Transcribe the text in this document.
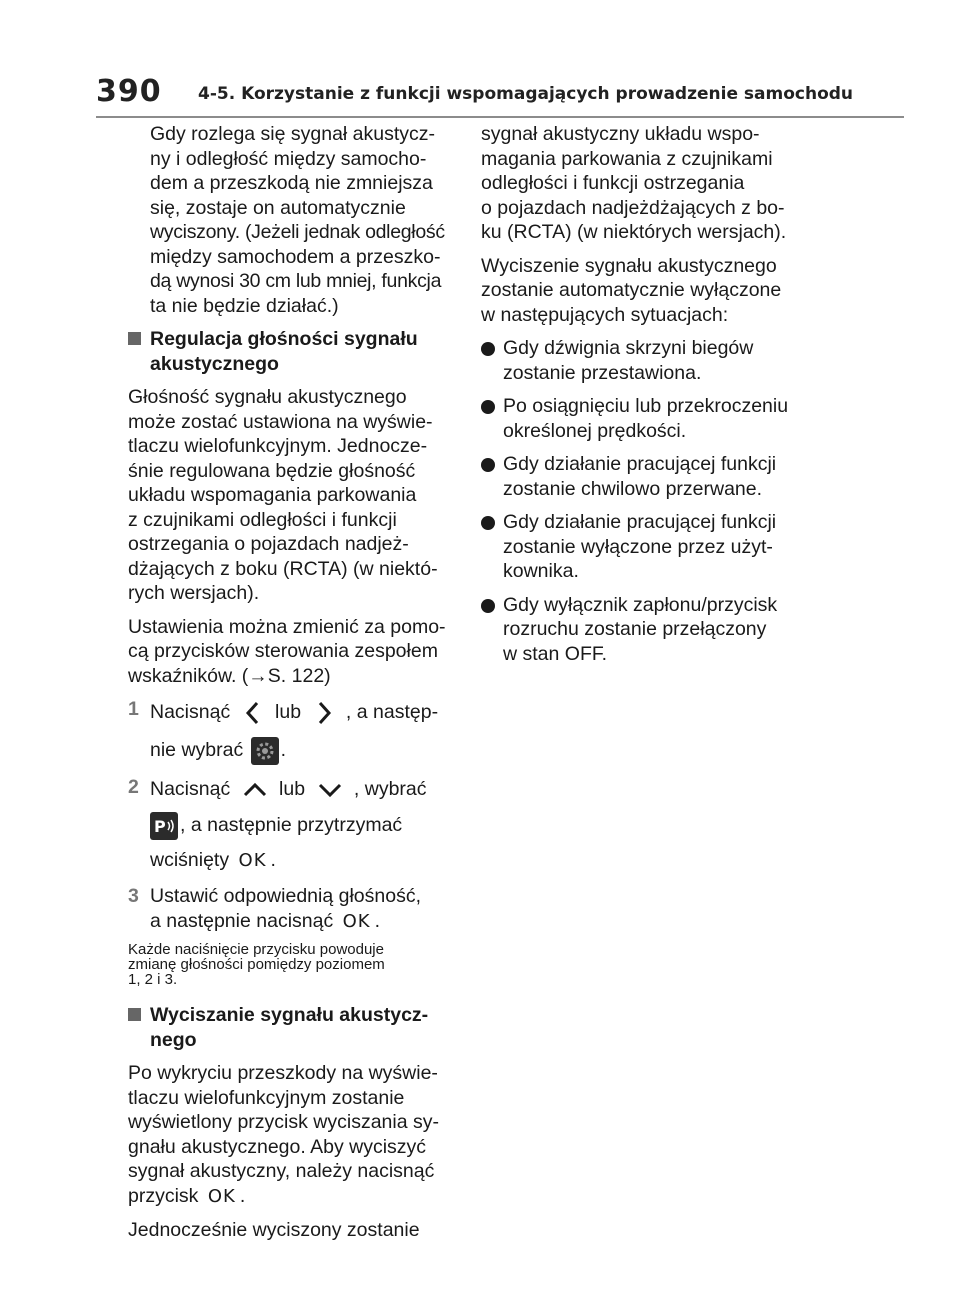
390 4-5. Korzystanie z funkcji wspomagających prowadzenie samochodu

Gdy rozlega się sygnał akustycz-
ny i odległość między samocho-
dem a przeszkodą nie zmniejsza
się, zostaje on automatycznie
wyciszony. (Jeżeli jednak odległość
między samochodem a przeszko-
dą wynosi 30 cm lub mniej, funkcja
ta nie będzie działać.)

Regulacja głośności sygnału
akustycznego

Głośność sygnału akustycznego
może zostać ustawiona na wyświe-
tlaczu wielofunkcyjnym. Jednocze-
śnie regulowana będzie głośność
układu wspomagania parkowania
z czujnikami odległości i funkcji
ostrzegania o pojazdach nadjeż-
dżających z boku (RCTA) (w niektó-
rych wersjach).

Ustawienia można zmienić za pomo-
cą przycisków sterowania zespołem
wskaźników. (→S. 122)

1 Nacisnąć lub , a następ-
nie wybrać .
2 Nacisnąć	lub	, wybrać
P , a następnie przytrzymać
wciśnięty OK .
3 Ustawić odpowiednią głośność,
a następnie nacisnąć OK .
Każde naciśnięcie przycisku powoduje
zmianę głośności pomiędzy poziomem
1, 2 i 3.
Wyciszanie sygnału akustycz-
nego

Po wykryciu przeszkody na wyświe-
tlaczu wielofunkcyjnym zostanie
wyświetlony przycisk wyciszania sy-
gnału akustycznego. Aby wyciszyć
sygnał akustyczny, należy nacisnąć
przycisk OK .

Jednocześnie wyciszony zostanie

sygnał akustyczny układu wspo-
magania parkowania z czujnikami
odległości i funkcji ostrzegania
o pojazdach nadjeżdżających z bo-
ku (RCTA) (w niektórych wersjach).

Wyciszenie sygnału akustycznego
zostanie automatycznie wyłączone
w następujących sytuacjach:

Gdy dźwignia skrzyni biegów
zostanie przestawiona.
Po osiągnięciu lub przekroczeniu
określonej prędkości.
Gdy działanie pracującej funkcji
zostanie chwilowo przerwane.
Gdy działanie pracującej funkcji
zostanie wyłączone przez użyt-
kownika.
Gdy wyłącznik zapłonu/przycisk
rozruchu zostanie przełączony
w stan OFF.
